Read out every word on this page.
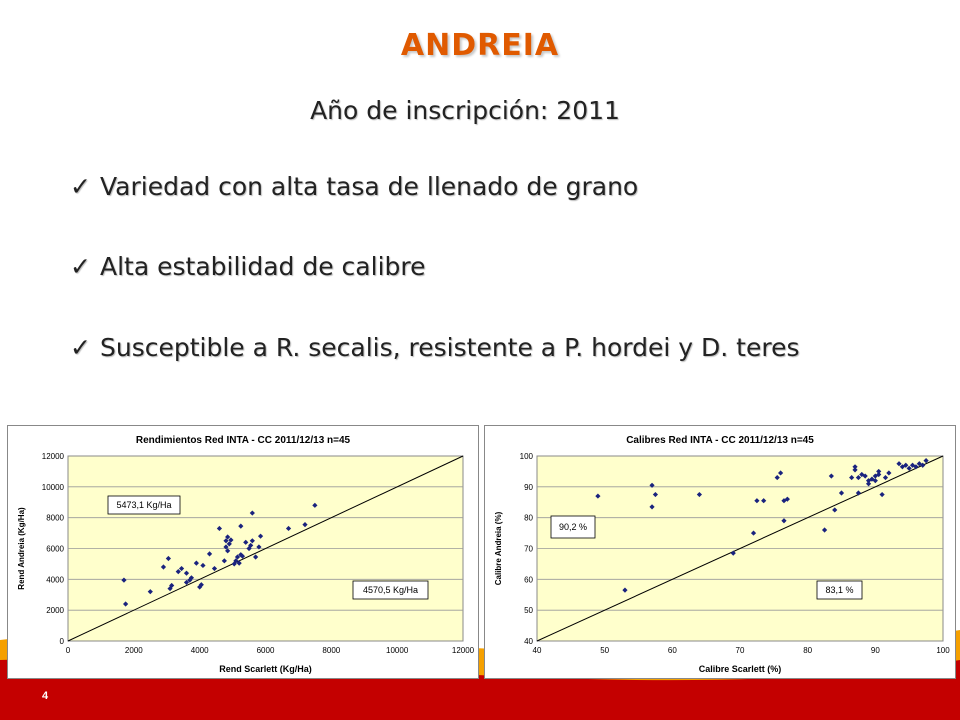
ANDREIA
Año de inscripción: 2011
✓ Variedad con alta tasa de llenado de grano
✓ Alta estabilidad de calibre
✓ Susceptible a R. secalis, resistente a P. hordei y D. teres
0
2000
4000
6000
8000
10000
12000
0	2000	4000	6000	8000	10000	12000
Rendimientos Red INTA - CC 2011/12/13 n=45
Rend Scarlett (Kg/Ha)
Rend Andreia (Kg/Ha)
5473,1 Kg/Ha
4570,5 Kg/Ha
40
50
60
70
80
90
100
40	50	60	70	80	90	100
Calibres Red INTA - CC 2011/12/13 n=45
Calibre Scarlett (%)
Calibre Andreia (%)	90,2 %
83,1 %
4
